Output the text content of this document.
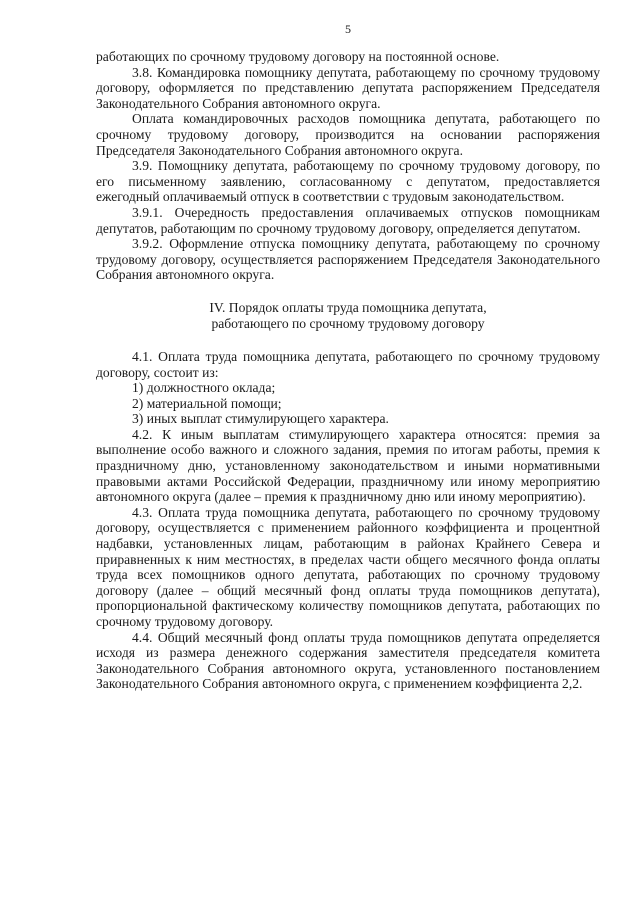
5

работающих по срочному трудовому договору на постоянной основе.

3.8. Командировка помощнику депутата, работающему по срочному трудовому договору, оформляется по представлению депутата распоряжением Председателя Законодательного Собрания автономного округа.

Оплата командировочных расходов помощника депутата, работающего по срочному трудовому договору, производится на основании распоряжения Председателя Законодательного Собрания автономного округа.

3.9. Помощнику депутата, работающему по срочному трудовому договору, по его письменному заявлению, согласованному с депутатом, предоставляется ежегодный оплачиваемый отпуск в соответствии с трудовым законодательством.

3.9.1. Очередность предоставления оплачиваемых отпусков помощникам депутатов, работающим по срочному трудовому договору, определяется депутатом.

3.9.2. Оформление отпуска помощнику депутата, работающему по срочному трудовому договору, осуществляется распоряжением Председателя Законодательного Собрания автономного округа.

IV. Порядок оплаты труда помощника депутата,
работающего по срочному трудовому договору

4.1. Оплата труда помощника депутата, работающего по срочному трудовому договору, состоит из:

1) должностного оклада;
2) материальной помощи;
3) иных выплат стимулирующего характера.

4.2. К иным выплатам стимулирующего характера относятся: премия за выполнение особо важного и сложного задания, премия по итогам работы, премия к праздничному дню, установленному законодательством и иными нормативными правовыми актами Российской Федерации, праздничному или иному мероприятию автономного округа (далее – премия к праздничному дню или иному мероприятию).

4.3. Оплата труда помощника депутата, работающего по срочному трудовому договору, осуществляется с применением районного коэффициента и процентной надбавки, установленных лицам, работающим в районах Крайнего Севера и приравненных к ним местностях, в пределах части общего месячного фонда оплаты труда всех помощников одного депутата, работающих по срочному трудовому договору (далее – общий месячный фонд оплаты труда помощников депутата), пропорциональной фактическому количеству помощников депутата, работающих по срочному трудовому договору.

4.4. Общий месячный фонд оплаты труда помощников депутата определяется исходя из размера денежного содержания заместителя председателя комитета Законодательного Собрания автономного округа, установленного постановлением Законодательного Собрания автономного округа, с применением коэффициента 2,2.
